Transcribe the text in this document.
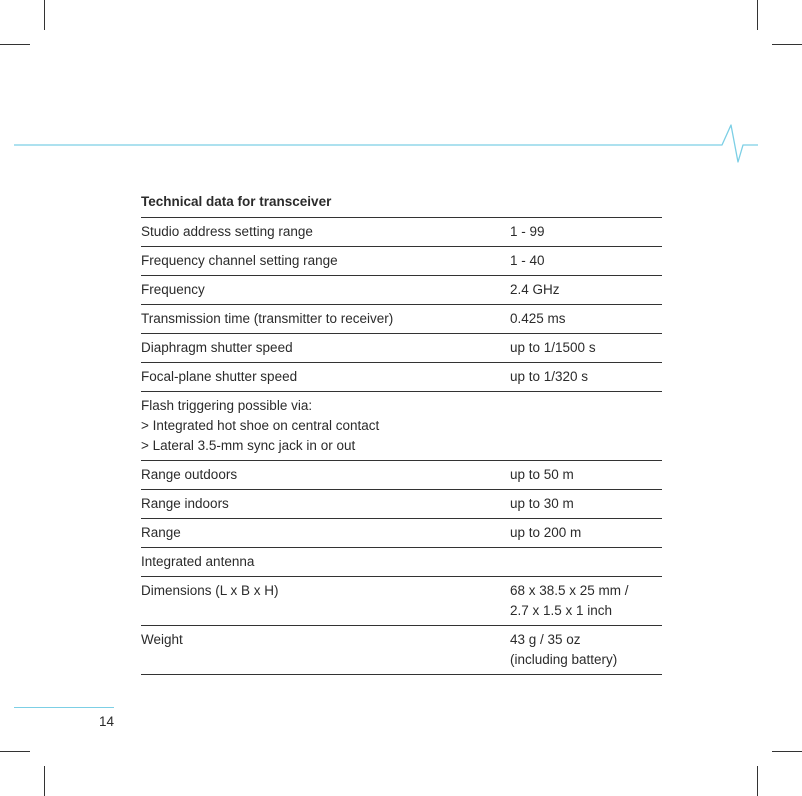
Technical data for transceiver
Studio address setting range	1 - 99
Frequency channel setting range	1 - 40
Frequency	2.4 GHz
Transmission time (transmitter to receiver)	0.425 ms
Diaphragm shutter speed	up to 1/1500 s
Focal-plane shutter speed	up to 1/320 s

Flash triggering possible via:
> Integrated hot shoe on central contact
> Lateral 3.5-mm sync jack in or out	

Range outdoors	up to 50 m
Range indoors	up to 30 m
Range	up to 200 m
Integrated antenna	
Dimensions (L x B x H)	68 x 38.5 x 25 mm /
2.7 x 1.5 x 1 inch

Weight	43 g / 35 oz
(including battery)
14
